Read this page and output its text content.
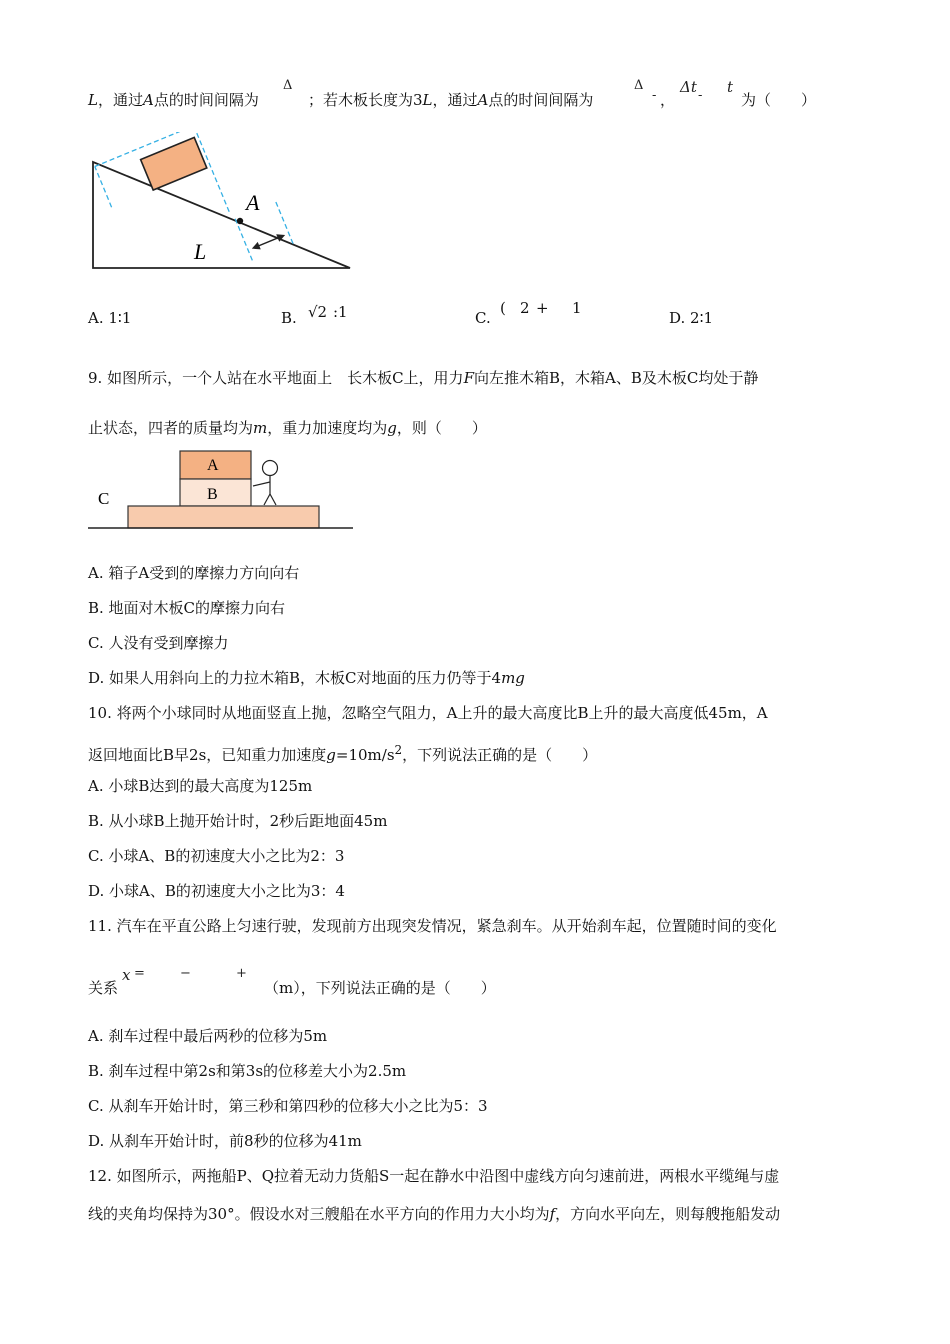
L，通过A点的时间间隔为
Δ
；若木板长度为3L，通过A点的时间间隔为
Δ
- ，
Δt - t
为（　　）
A
L
A. 1∶1	B. √2 :1	C.
( 2 + 1
D. 2∶1
9. 如图所示，一个人站在水平地面上　长木板C上，用力F向左推木箱B，木箱A、B及木板C均处于静
止状态，四者的质量均为m，重力加速度均为g，则（　　）
A
B
C
A. 箱子A受到的摩擦力方向向右
B. 地面对木板C的摩擦力向右
C. 人没有受到摩擦力
D. 如果人用斜向上的力拉木箱B，木板C对地面的压力仍等于4mg
10. 将两个小球同时从地面竖直上抛，忽略空气阻力，A上升的最大高度比B上升的最大高度低45m，A
返回地面比B早2s，已知重力加速度$g=10m/s^2$，下列说法正确的是（　　）
A. 小球B达到的最大高度为125m
B. 从小球B上抛开始计时，2秒后距地面45m
C. 小球A、B的初速度大小之比为2：3
D. 小球A、B的初速度大小之比为3：4
11. 汽车在平直公路上匀速行驶，发现前方出现突发情况，紧急刹车。从开始刹车起，位置随时间的变化
关系
x =	−	+
（m），下列说法正确的是（　　）
A. 刹车过程中最后两秒的位移为5m
B. 刹车过程中第2s和第3s的位移差大小为2.5m
C. 从刹车开始计时，第三秒和第四秒的位移大小之比为5：3
D. 从刹车开始计时，前8秒的位移为41m
12. 如图所示，两拖船P、Q拉着无动力货船S一起在静水中沿图中虚线方向匀速前进，两根水平缆绳与虚
线的夹角均保持为30°。假设水对三艘船在水平方向的作用力大小均为f，方向水平向左，则每艘拖船发动
